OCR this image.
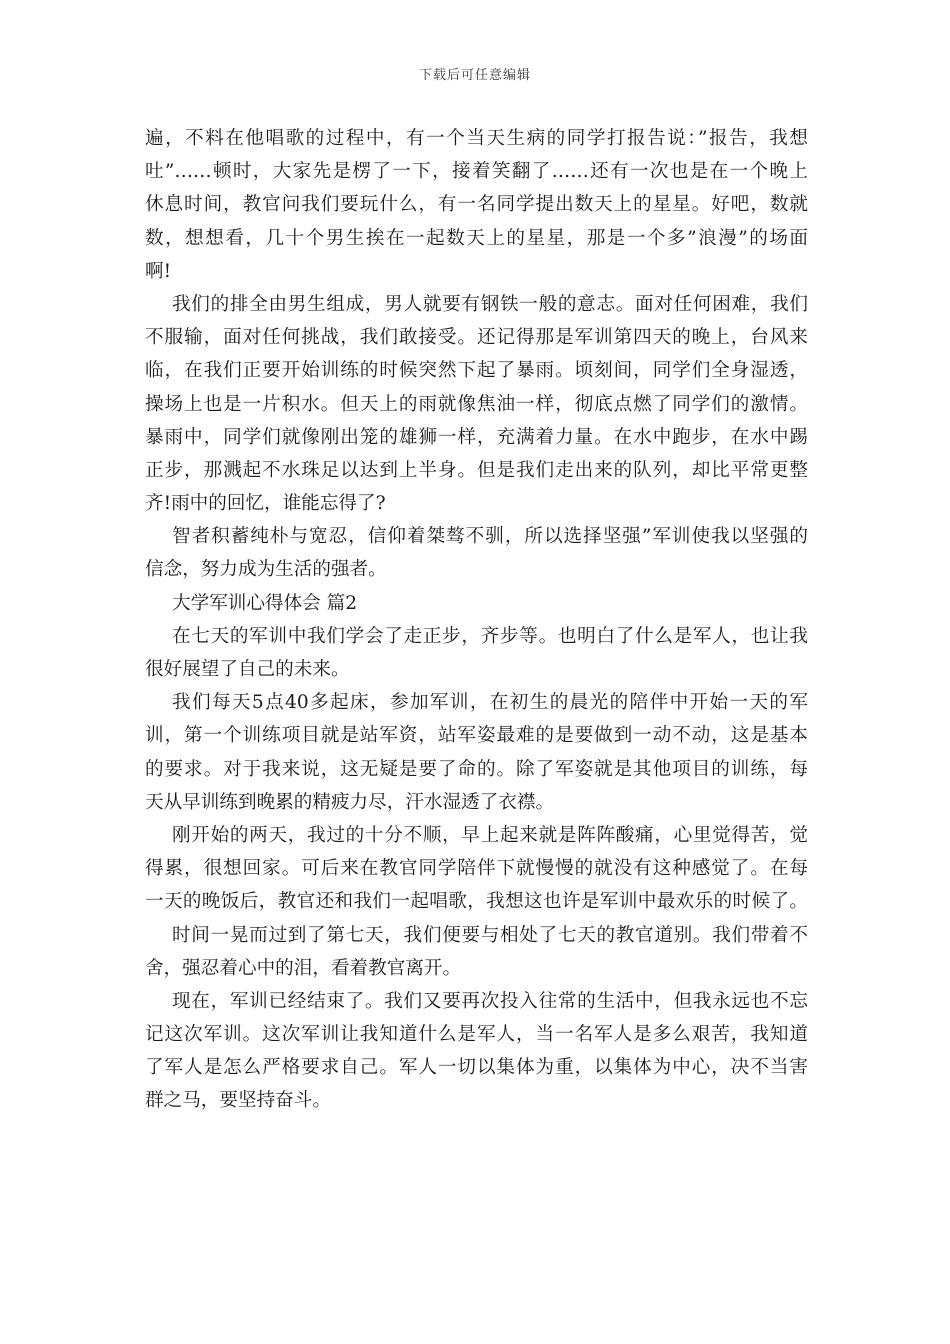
下载后可任意编辑
遍，不料在他唱歌的过程中，有一个当天生病的同学打报告说：”报告，我想
吐”……顿时，大家先是楞了一下，接着笑翻了……还有一次也是在一个晚上
休息时间，教官问我们要玩什么，有一名同学提出数天上的星星。好吧，数就
数，想想看，几十个男生挨在一起数天上的星星，那是一个多”浪漫”的场面
啊!
我们的排全由男生组成，男人就要有钢铁一般的意志。面对任何困难，我们
不服输，面对任何挑战，我们敢接受。还记得那是军训第四天的晚上，台风来
临，在我们正要开始训练的时候突然下起了暴雨。顷刻间，同学们全身湿透，
操场上也是一片积水。但天上的雨就像焦油一样，彻底点燃了同学们的激情。
暴雨中，同学们就像刚出笼的雄狮一样，充满着力量。在水中跑步，在水中踢
正步，那溅起不水珠足以达到上半身。但是我们走出来的队列，却比平常更整
齐!雨中的回忆，谁能忘得了?
智者积蓄纯朴与宽忍，信仰着桀骜不驯，所以选择坚强”军训使我以坚强的
信念，努力成为生活的强者。
大学军训心得体会 篇2
在七天的军训中我们学会了走正步，齐步等。也明白了什么是军人，也让我
很好展望了自己的未来。
我们每天5点40多起床，参加军训，在初生的晨光的陪伴中开始一天的军
训，第一个训练项目就是站军资，站军姿最难的是要做到一动不动，这是基本
的要求。对于我来说，这无疑是要了命的。除了军姿就是其他项目的训练，每
天从早训练到晚累的精疲力尽，汗水湿透了衣襟。
刚开始的两天，我过的十分不顺，早上起来就是阵阵酸痛，心里觉得苦，觉
得累，很想回家。可后来在教官同学陪伴下就慢慢的就没有这种感觉了。在每
一天的晚饭后，教官还和我们一起唱歌，我想这也许是军训中最欢乐的时候了。
时间一晃而过到了第七天，我们便要与相处了七天的教官道别。我们带着不
舍，强忍着心中的泪，看着教官离开。
现在，军训已经结束了。我们又要再次投入往常的生活中，但我永远也不忘
记这次军训。这次军训让我知道什么是军人，当一名军人是多么艰苦，我知道
了军人是怎么严格要求自己。军人一切以集体为重，以集体为中心，决不当害
群之马，要坚持奋斗。
